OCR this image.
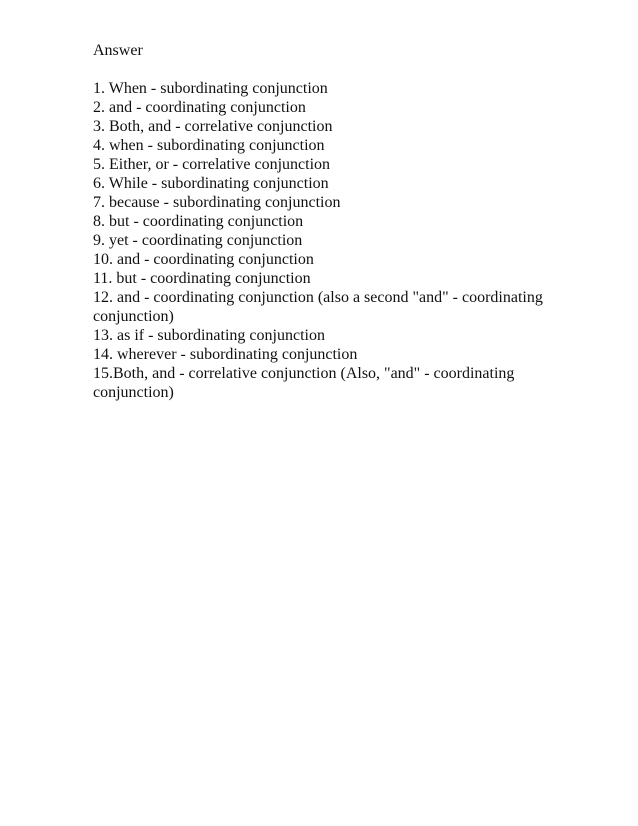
Answer
1. When - subordinating conjunction
2. and - coordinating conjunction
3. Both, and - correlative conjunction
4. when - subordinating conjunction
5. Either, or - correlative conjunction
6. While - subordinating conjunction
7. because - subordinating conjunction
8. but - coordinating conjunction
9. yet - coordinating conjunction
10. and - coordinating conjunction
11. but - coordinating conjunction
12. and - coordinating conjunction (also a second "and" - coordinating conjunction)
13. as if - subordinating conjunction
14. wherever - subordinating conjunction
15.Both, and - correlative conjunction (Also, "and" - coordinating conjunction)
